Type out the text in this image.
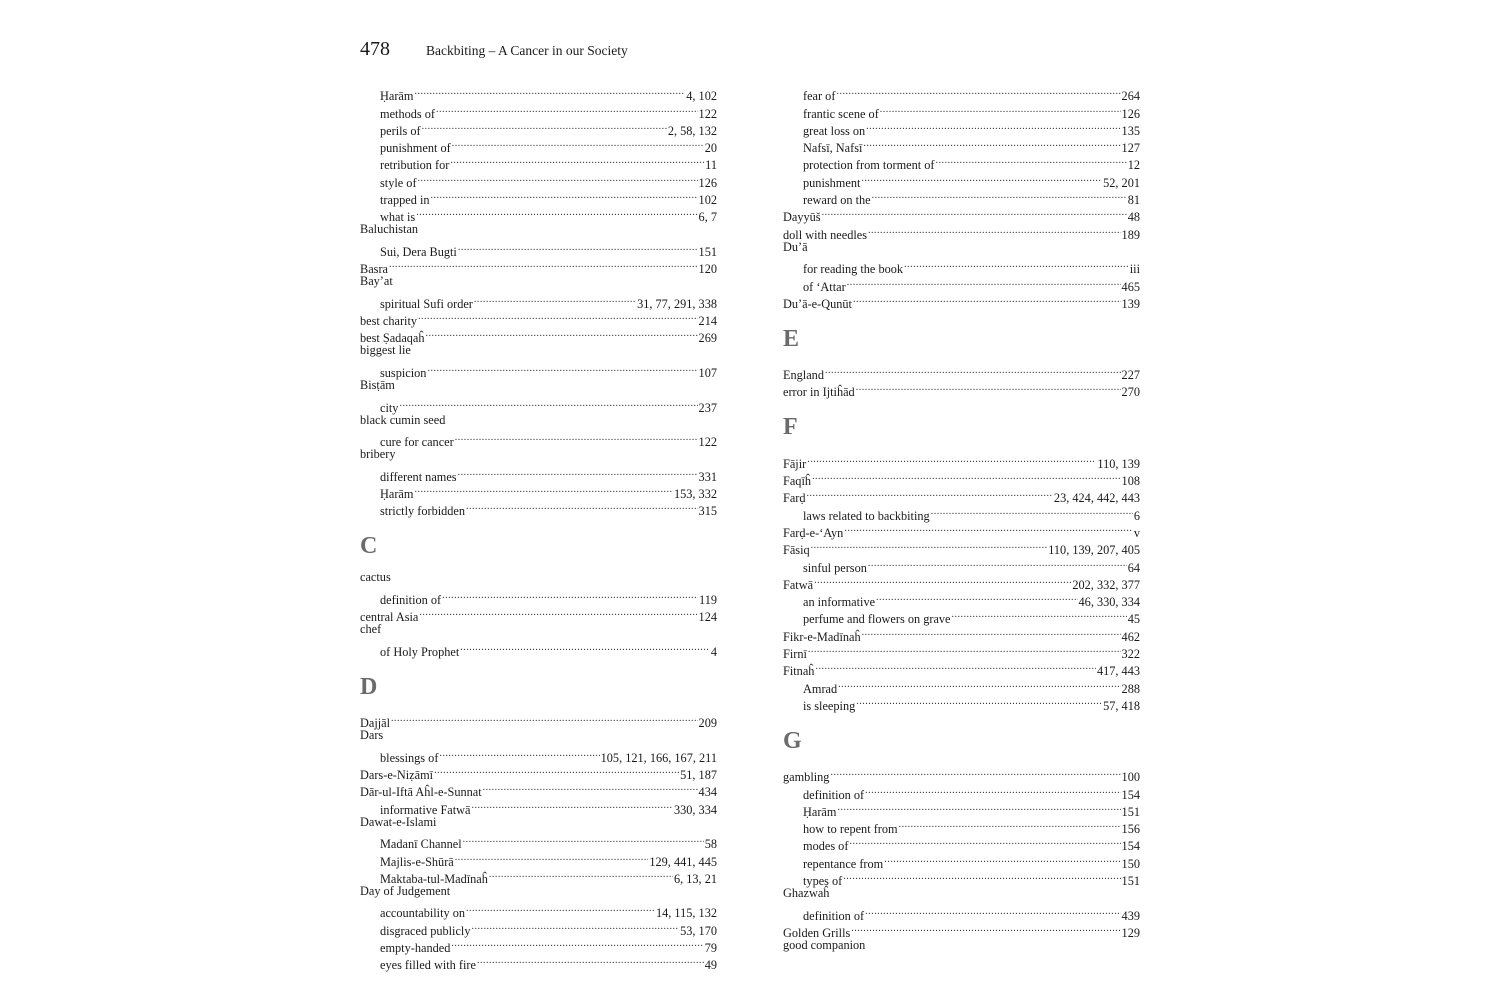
478	Backbiting – A Cancer in our Society
Ḥarām .....	4, 102
methods of .....	122
perils of .....	2, 58, 132
punishment of .....	20
retribution for .....	11
style of .....	126
trapped in .....	102
what is .....	6, 7
Baluchistan
Sui, Dera Bugti .....	151
Basra .....	120
Bay’at
spiritual Sufi order .....	31, 77, 291, 338
best charity .....	214
best Ṣadaqaĥ .....	269
biggest lie
suspicion .....	107
Bisṭām
city .....	237
black cumin seed
cure for cancer .....	122
bribery
different names .....	331
Ḥarām .....	153, 332
strictly forbidden .....	315
C
cactus
definition of .....	119
central Asia .....	124
chef
of Holy Prophet .....	4
D
Dajjāl .....	209
Dars
blessings of .....	105, 121, 166, 167, 211
Dars-e-Niẓāmī .....	51, 187
Dār-ul-Iftā Aĥl-e-Sunnat .....	434
informative Fatwā .....	330, 334
Dawat-e-Islami
Madanī Channel .....	58
Majlis-e-Shūrā .....	129, 441, 445
Maktaba-tul-Madīnaĥ .....	6, 13, 21
Day of Judgement
accountability on .....	14, 115, 132
disgraced publicly .....	53, 170
empty-handed .....	79
eyes filled with fire .....	49
fear of .....	264
frantic scene of .....	126
great loss on .....	135
Nafsī, Nafsī .....	127
protection from torment of .....	12
punishment .....	52, 201
reward on the .....	81
Dayyūš .....	48
doll with needles .....	189
Du’ā
for reading the book .....	iii
of ‘Attar .....	465
Du’ā-e-Qunūt .....	139
E
England .....	227
error in Ijtiĥād .....	270
F
Fājir .....	110, 139
Faqīĥ .....	108
Farḍ .....	23, 424, 442, 443
laws related to backbiting .....	6
Farḍ-e-‘Ayn .....	v
Fāsiq .....	110, 139, 207, 405
sinful person .....	64
Fatwā .....	202, 332, 377
an informative .....	46, 330, 334
perfume and flowers on grave .....	45
Fikr-e-Madīnaĥ .....	462
Firnī .....	322
Fitnaĥ .....	417, 443
Amrad .....	288
is sleeping .....	57, 418
G
gambling .....	100
definition of .....	154
Ḥarām .....	151
how to repent from .....	156
modes of .....	154
repentance from .....	150
types of .....	151
Ghazwaĥ
definition of .....	439
Golden Grills .....	129
good companion
